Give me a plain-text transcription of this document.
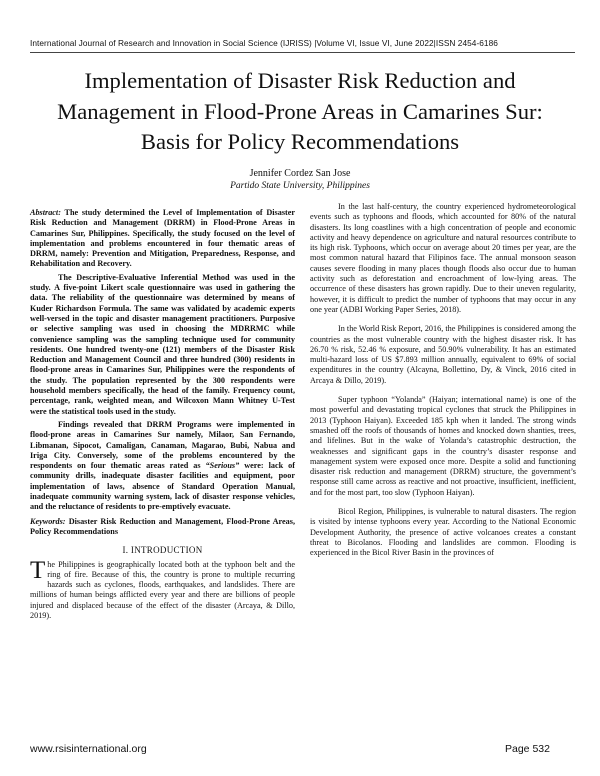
International Journal of Research and Innovation in Social Science (IJRISS) |Volume VI, Issue VI, June 2022|ISSN 2454-6186
Implementation of Disaster Risk Reduction and Management in Flood-Prone Areas in Camarines Sur: Basis for Policy Recommendations
Jennifer Cordez San Jose
Partido State University, Philippines

Abstract: The study determined the Level of Implementation of Disaster Risk Reduction and Management (DRRM) in Flood-Prone Areas in Camarines Sur, Philippines. Specifically, the study focused on the level of implementation and problems encountered in four thematic areas of DRRM, namely: Prevention and Mitigation, Preparedness, Response, and Rehabilitation and Recovery.

The Descriptive-Evaluative Inferential Method was used in the study. A five-point Likert scale questionnaire was used in gathering the data. The reliability of the questionnaire was determined by means of Kuder Richardson Formula. The same was validated by academic experts well-versed in the topic and disaster management practitioners. Purposive or selective sampling was used in choosing the MDRRMC while convenience sampling was the sampling technique used for community residents. One hundred twenty-one (121) members of the Disaster Risk Reduction and Management Council and three hundred (300) residents in flood-prone areas in Camarines Sur, Philippines were the respondents of the study. The population represented by the 300 respondents were household members specifically, the head of the family. Frequency count, percentage, rank, weighted mean, and Wilcoxon Mann Whitney U-Test were the statistical tools used in the study.

Findings revealed that DRRM Programs were implemented in flood-prone areas in Camarines Sur namely, Milaor, San Fernando, Libmanan, Sipocot, Camaligan, Canaman, Magarao, Bubi, Nabua and Iriga City. Conversely, some of the problems encountered by the respondents on four thematic areas rated as “Serious” were: lack of community drills, inadequate disaster facilities and equipment, poor implementation of laws, absence of Standard Operation Manual, inadequate community warning system, lack of disaster response vehicles, and the reluctance of residents to pre-emptively evacuate.

Keywords: Disaster Risk Reduction and Management, Flood-Prone Areas, Policy Recommendations
I. INTRODUCTION

The Philippines is geographically located both at the typhoon belt and the ring of fire. Because of this, the country is prone to multiple recurring hazards such as cyclones, floods, earthquakes, and landslides. There are millions of human beings afflicted every year and there are billions of people injured and displaced because of the effect of the disaster (Arcaya, & Dillo, 2019).

In the last half-century, the country experienced hydrometeorological events such as typhoons and floods, which accounted for 80% of the natural disasters. Its long coastlines with a high concentration of people and economic activity and heavy dependence on agriculture and natural resources contribute to its high risk. Typhoons, which occur on average about 20 times per year, are the most common natural hazard that Filipinos face. The annual monsoon season causes severe flooding in many places though floods also occur due to human activity such as deforestation and encroachment of low-lying areas. The occurrence of these disasters has grown rapidly. Due to their uneven regularity, however, it is difficult to predict the number of typhoons that may occur in any one year (ADBI Working Paper Series, 2018).

In the World Risk Report, 2016, the Philippines is considered among the countries as the most vulnerable country with the highest disaster risk. It has 26.70 % risk, 52.46 % exposure, and 50.90% vulnerability. It has an estimated multi-hazard loss of US $7.893 million annually, equivalent to 69% of social expenditures in the country (Alcayna, Bollettino, Dy, & Vinck, 2016 cited in Arcaya & Dillo, 2019).

Super typhoon “Yolanda” (Haiyan; international name) is one of the most powerful and devastating tropical cyclones that struck the Philippines in 2013 (Typhoon Haiyan). Exceeded 185 kph when it landed. The strong winds smashed off the roofs of thousands of homes and knocked down shanties, trees, and lifelines. But in the wake of Yolanda’s catastrophic destruction, the weaknesses and significant gaps in the country’s disaster response and management system were exposed once more. Despite a solid and functioning disaster risk reduction and management (DRRM) structure, the government’s response still came across as reactive and not proactive, insufficient, inefficient, and for the most part, too slow (Typhoon Haiyan).

Bicol Region, Philippines, is vulnerable to natural disasters. The region is visited by intense typhoons every year. According to the National Economic Development Authority, the presence of active volcanoes creates a constant threat to Bicolanos. Flooding and landslides are common. Flooding is experienced in the Bicol River Basin in the provinces of

www.rsisinternational.org	Page 532
